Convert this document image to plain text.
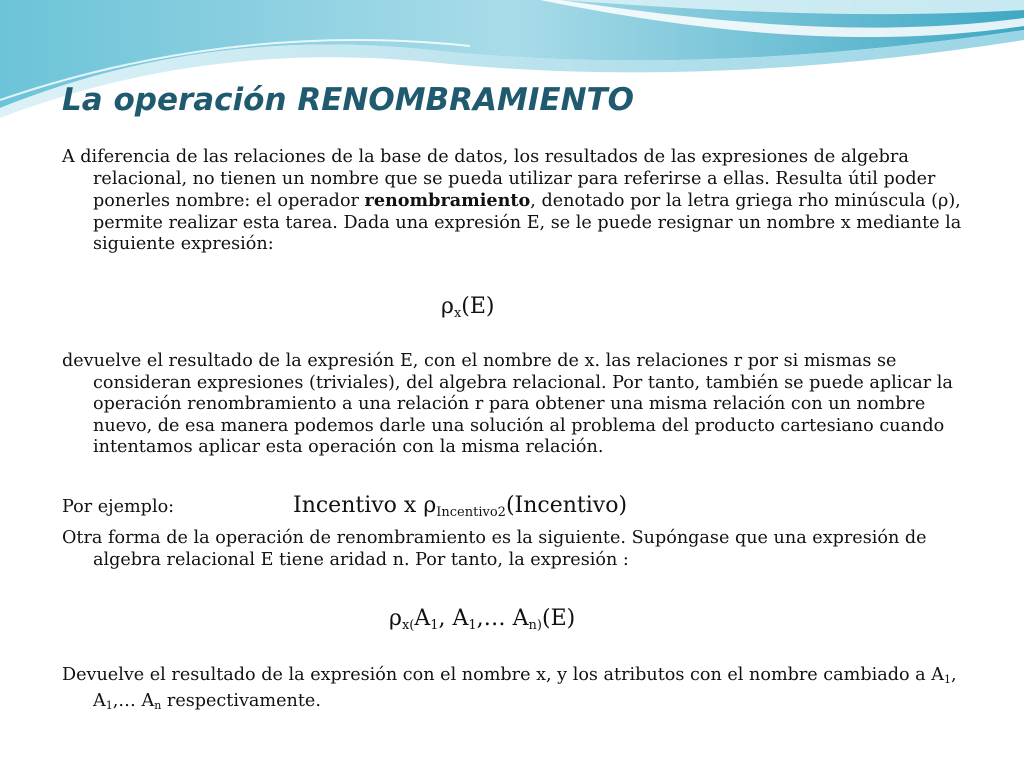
La operación RENOMBRAMIENTO

A diferencia de las relaciones de la base de datos, los resultados de las expresiones de algebra relacional, no tienen un nombre que se pueda utilizar para referirse a ellas. Resulta útil poder ponerles nombre: el operador renombramiento, denotado por la letra griega rho minúscula (ρ), permite realizar esta tarea. Dada una expresión E, se le puede resignar un nombre x mediante la siguiente expresión:

$\rho_x(E)$

devuelve el resultado de la expresión E, con el nombre de x. las relaciones r por si mismas se consideran expresiones (triviales), del algebra relacional. Por tanto, también se puede aplicar la operación renombramiento a una relación r para obtener una misma relación con un nombre nuevo, de esa manera podemos darle una solución al problema del producto cartesiano cuando intentamos aplicar esta operación con la misma relación.

Por ejemplo:	Incentivo x $\rho_{Incentivo2}(Incentivo)$

Otra forma de la operación de renombramiento es la siguiente. Supóngase que una expresión de algebra relacional E tiene aridad n. Por tanto, la expresión :

$\rho_{x(}A_1$, $A_1,\dots$ $A_{n)}(E)$

Devuelve el resultado de la expresión con el nombre x, y los atributos con el nombre cambiado a $A_1$, $A_1,\dots$ $A_n$ respectivamente.
